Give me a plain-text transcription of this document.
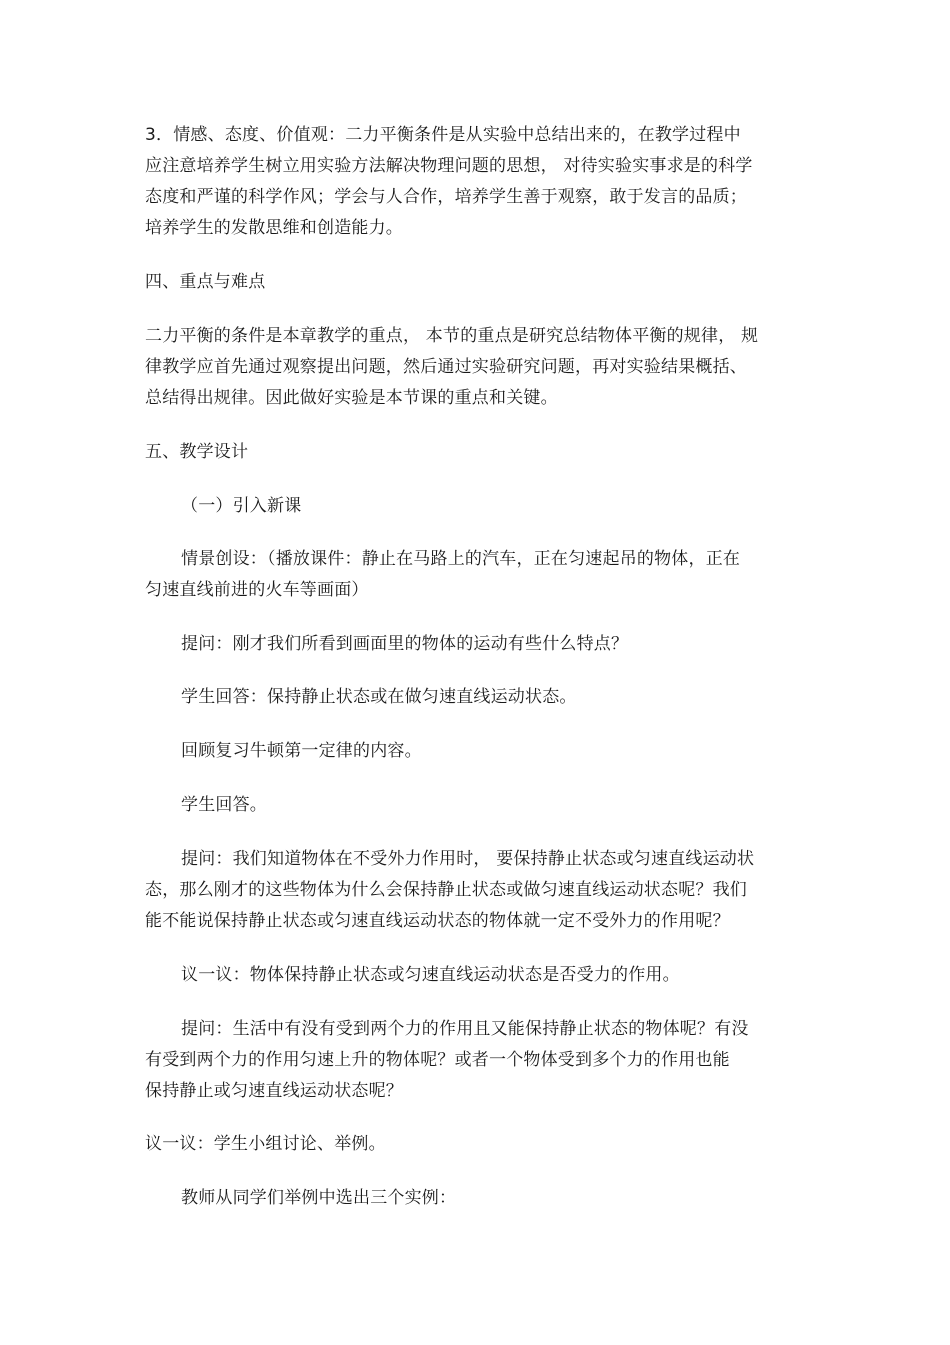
3．情感、态度、价值观：二力平衡条件是从实验中总结出来的，在教学过程中
应注意培养学生树立用实验方法解决物理问题的思想， 对待实验实事求是的科学
态度和严谨的科学作风；学会与人合作，培养学生善于观察，敢于发言的品质；
培养学生的发散思维和创造能力。
四、重点与难点
二力平衡的条件是本章教学的重点， 本节的重点是研究总结物体平衡的规律， 规
律教学应首先通过观察提出问题，然后通过实验研究问题，再对实验结果概括、
总结得出规律。因此做好实验是本节课的重点和关键。
五、教学设计
（一）引入新课
情景创设：（播放课件：静止在马路上的汽车，正在匀速起吊的物体，正在
匀速直线前进的火车等画面）
提问：刚才我们所看到画面里的物体的运动有些什么特点？
学生回答：保持静止状态或在做匀速直线运动状态。
回顾复习牛顿第一定律的内容。
学生回答。
提问：我们知道物体在不受外力作用时， 要保持静止状态或匀速直线运动状
态，那么刚才的这些物体为什么会保持静止状态或做匀速直线运动状态呢？我们
能不能说保持静止状态或匀速直线运动状态的物体就一定不受外力的作用呢？
议一议：物体保持静止状态或匀速直线运动状态是否受力的作用。
提问：生活中有没有受到两个力的作用且又能保持静止状态的物体呢？有没
有受到两个力的作用匀速上升的物体呢？或者一个物体受到多个力的作用也能
保持静止或匀速直线运动状态呢？
议一议：学生小组讨论、举例。
教师从同学们举例中选出三个实例：
